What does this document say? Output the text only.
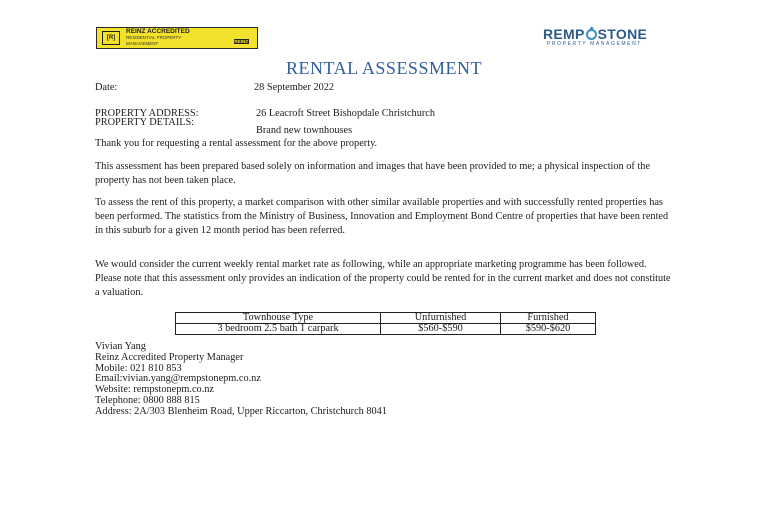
[R]
REINZ ACCREDITED
RESIDENTIAL PROPERTY
MANAGEMENT	REINZ	REMP STONE
PROPERTY MANAGEMENT
RENTAL ASSESSMENT
Date:	28 September 2022
PROPERTY ADDRESS:	26 Leacroft Street Bishopdale Christchurch
PROPERTY DETAILS:
Brand new townhouses
Thank you for requesting a rental assessment for the above property.
This assessment has been prepared based solely on information and images that have been provided to me; a physical inspection of the property has not been taken place.
To assess the rent of this property, a market comparison with other similar available properties and with successfully rented properties has been performed. The statistics from the Ministry of Business, Innovation and Employment Bond Centre of properties that have been rented in this suburb for a given 12 month period has been referred.
We would consider the current weekly rental market rate as following, while an appropriate marketing programme has been followed. Please note that this assessment only provides an indication of the property could be rented for in the current market and does not constitute a valuation.
Townhouse Type	Unfurnished	Furnished
3 bedroom 2.5 bath 1 carpark	$560-$590	$590-$620
Vivian Yang
Reinz Accredited Property Manager
Mobile: 021 810 853
Email:vivian.yang@rempstonepm.co.nz
Website: rempstonepm.co.nz
Telephone: 0800 888 815
Address: 2A/303 Blenheim Road, Upper Riccarton, Christchurch 8041
